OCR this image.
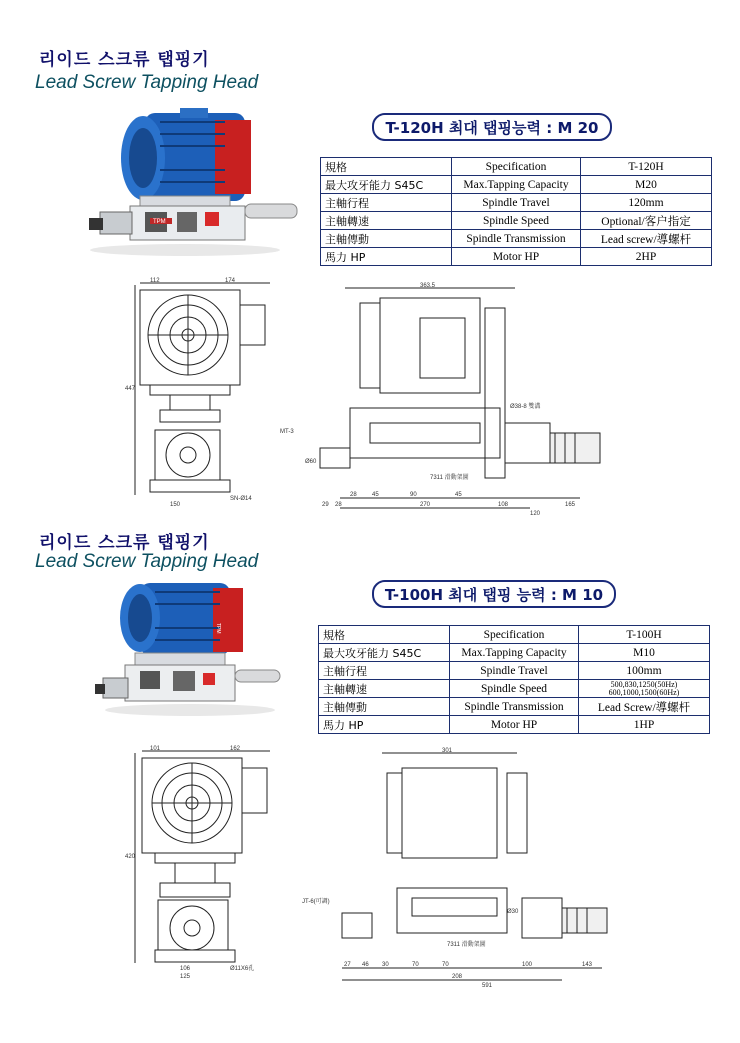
리이드 스크류 탭핑기
Lead Screw Tapping Head
T-120H 최대 탭핑능력 : M 20
TPM
規格	Specification	T-120H
最大攻牙能力 S45C	Max.Tapping Capacity	M20
主軸行程	Spindle Travel	120mm
主軸轉速	Spindle Speed	Optional/客户指定
主軸傳動	Spindle Transmission	Lead screw/導螺杆
馬力 HP	Motor HP	2HP
112	174
447
SN-Ø14
150
363.5
MT-3
Ø38-8 雙溝
7311 滑動架圖
Ø60
28	45	90	45
270	108	165
29 28
120
리이드 스크류 탭핑기
Lead Screw Tapping Head
T-100H 최대 탭핑 능력 : M 10
TPM
規格	Specification	T-100H
最大攻牙能力 S45C	Max.Tapping Capacity	M10
主軸行程	Spindle Travel	100mm
主軸轉速	Spindle Speed	500,830,1250(50Hz)
600,1000,1500(60Hz)

主軸傳動	Spindle Transmission	Lead Screw/導螺杆
馬力 HP	Motor HP	1HP
101	162
420
Ø11X6孔
106
125
301
JT-6(可調)
7311 滑動架圖
27 46 30	70	70
208
100	143
591
Ø30
